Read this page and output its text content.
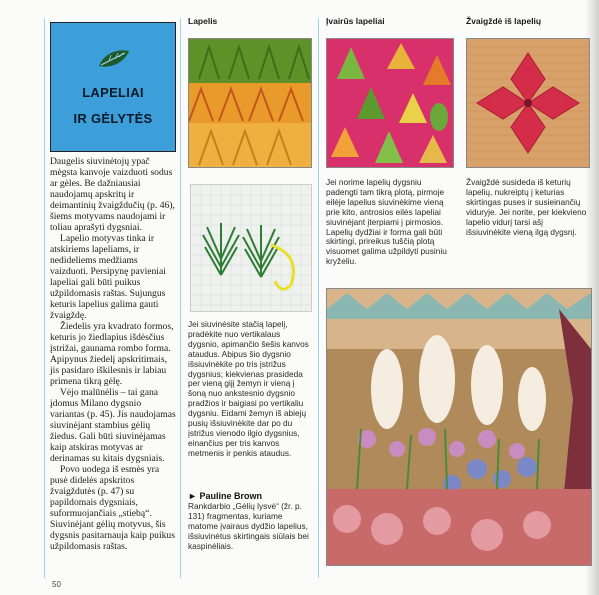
LAPELIAI
IR GĖLYTĖS

Daugelis siuvinėtojų ypač mėgsta kanvoje vaizduoti sodus ar gėles. Be dažniausiai naudojamų apskritų ir deimantinių žvaigždučių (p. 46), šiems motyvams naudojami ir toliau aprašyti dygsniai.

Lapelio motyvas tinka ir atskiriems lapeliams, ir nedideliems medžiams vaizduoti. Persipynę pavieniai lapeliai gali būti puikus užpildomasis raštas. Sujungus keturis lapelius galima gauti žvaigždę.

Žiedelis yra kvadrato formos, keturis jo žiedlapius išdėsčius įstrižai, gaunama rombo forma. Apipynus žiedelį apskritimais, jis pasidaro iškilesnis ir labiau primena tikrą gėlę.

Vėjo malūnėlis – tai gana įdomus Milano dygsnio variantas (p. 45). Jis naudojamas siuvinėjant stambius gėlių žiedus. Gali būti siuvinėjamas kaip atskiras motyvas ar derinamas su kitais dygsniais.

Povo uodega iš esmės yra pusė didelės apskritos žvaigždutės (p. 47) su papildomais dygsniais, suformuojančiais „stiebą“. Siuvinėjant gėlių motyvus, šis dygsnis pasitarnauja kaip puikus užpildomasis raštas.

Lapelis
Jei siuvinėsite stačią lapelį, pradėkite nuo vertikalaus dygsnio, apimančio šešis kanvos ataudus. Abipus šio dygsnio išsiuvinėkite po tris įstrižus dygsnius; kiekvienas prasideda per vieną gijį žemyn ir vieną į šoną nuo ankstesnio dygsnio pradžios ir baigiasi po vertikaliu dygsniu. Eidami žemyn iš abiejų pusių išsiuvinėkite dar po du įstrižus vienodo ilgio dygsnius, einančius per tris kanvos metmenis ir penkis ataudus.
► Pauline Brown
Rankdarbio „Gėlių lysvė“ (žr. p. 131) fragmentas, kuriame matome įvairaus dydžio lapelius, išsiuvinėtus skirtingais siūlais bei kaspinėliais.
Įvairūs lapeliai
Jei norime lapelių dygsniu padengti tam tikrą plotą, pirmoje eilėje lapelius siuvinėkime vieną prie kito, antrosios eilės lapeliai siuvinėjant įterpiami į pirmosios. Lapelių dydžiai ir forma gali būti skirtingi, prireikus tuščią plotą visuomet galima užpildyti pusiniu kryželiu.
Žvaigždė iš lapelių
Žvaigždė susideda iš keturių lapelių, nukreiptų į keturias skirtingas puses ir susieinančių viduryje. Jei norite, per kiekvieno lapelio vidurį tarsi ašį išsiuvinėkite vieną ilgą dygsnį.
50
